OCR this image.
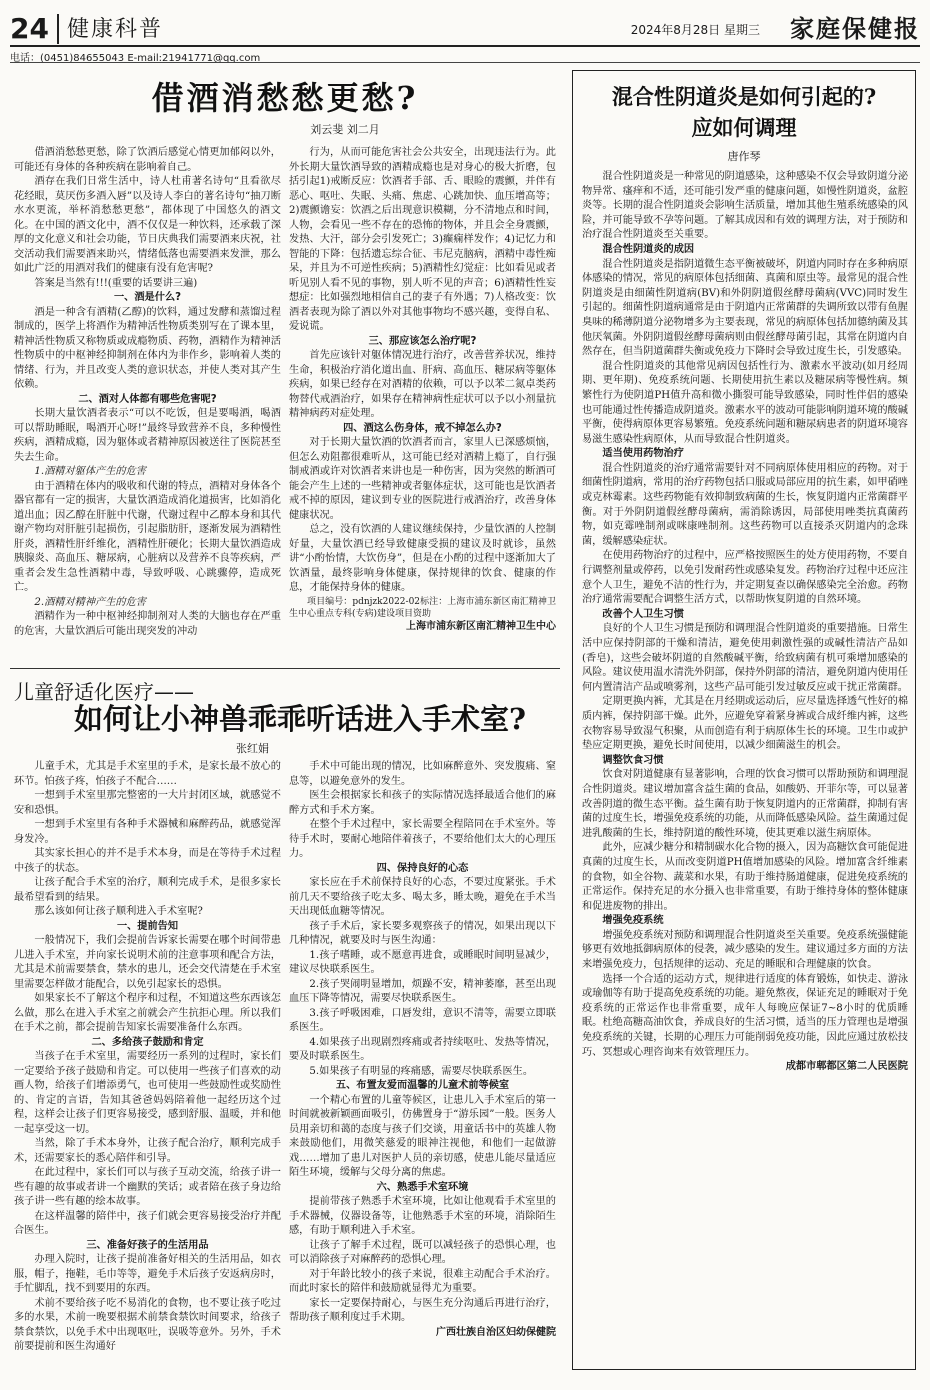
24 健康科普	2024年8月28日 星期三 家庭保健报
电话：(0451)84655043 E-mail:21941771@qq.com
借酒消愁愁更愁?
刘云斐 刘二月

借酒消愁愁更愁，除了饮酒后感觉心情更加郁闷以外，可能还有身体的各种疾病在影响着自己。

酒存在我们日常生活中，诗人杜甫著名诗句“且看欲尽花经眼，莫厌伤多酒入唇”以及诗人李白的著名诗句“抽刀断水水更流，举杯消愁愁更愁”，都体现了中国悠久的酒文化。在中国的酒文化中，酒不仅仅是一种饮料，还承载了深厚的文化意义和社会功能，节日庆典我们需要酒来庆祝，社交活动我们需要酒来助兴，情绪低落也需要酒来发泄，那么如此广泛的用酒对我们的健康有没有危害呢?

答案是当然有!!!(重要的话要讲三遍)

一、酒是什么?

酒是一种含有酒精(乙醇)的饮料，通过发酵和蒸馏过程制成的，医学上将酒作为精神活性物质类别写在了课本里，精神活性物质又称物质或成瘾物质、药物，酒精作为精神活性物质中的中枢神经抑制剂在体内为非作乡，影响着人类的情绪、行为，并且改变人类的意识状态，并使人类对其产生依赖。

二、酒对人体都有哪些危害呢?

长期大量饮酒者表示“可以不吃饭，但是要喝酒，喝酒可以帮助睡眠，喝酒开心呀!”最终导致营养不良，多种慢性疾病，酒精成瘾，因为躯体或者精神原因被送往了医院甚至失去生命。

1.酒精对躯体产生的危害

由于酒精在体内的吸收和代谢的特点，酒精对身体各个器官都有一定的损害，大量饮酒造成消化道损害，比如消化道出血；因乙醇在肝脏中代谢，代谢过程中乙醇本身和其代谢产物均对肝脏引起损伤，引起脂肪肝，逐渐发展为酒精性肝炎，酒精性肝纤维化，酒精性肝硬化；长期大量饮酒造成胰腺炎、高血压、糖尿病，心脏病以及营养不良等疾病，严重者会发生急性酒精中毒，导致呼吸、心跳骤停，造成死亡。

2.酒精对精神产生的危害

酒精作为一种中枢神经抑制剂对人类的大脑也存在严重的危害，大量饮酒后可能出现突发的冲动

行为，从而可能危害社会公共安全，出现违法行为。此外长期大量饮酒导致的酒精成瘾也是对身心的极大折磨，包括引起1)戒断反应：饮酒者手部、舌、眼睑的震颤，并伴有恶心、呕吐、失眠、头痛、焦虑、心跳加快、血压增高等；2)震颤谵妄：饮酒之后出现意识模糊，分不清地点和时间，人物，会看见一些不存在的恐怖的物体，并且会全身震颤，发热、大汗，部分会引发死亡；3)癫痫样发作；4)记忆力和智能的下降：包括遗忘综合征、韦尼克脑病，酒精中毒性痴呆，并且为不可逆性疾病；5)酒精性幻觉症：比如看见或者听见别人看不见的事物，别人听不见的声音；6)酒精性性妄想症：比如强烈地相信自己的妻子有外遇；7)人格改变：饮酒者表现为除了酒以外对其他事物均不感兴趣，变得自私、爱说谎。

三、那应该怎么治疗呢?

首先应该针对躯体情况进行治疗，改善营养状况，维持生命，积极治疗消化道出血、肝病、高血压、糖尿病等躯体疾病，如果已经存在对酒精的依赖，可以予以苯二氮卓类药物替代戒酒治疗，如果存在精神病性症状可以予以小剂量抗精神病药对症处理。

四、酒这么伤身体，戒不掉怎么办?

对于长期大量饮酒的饮酒者而言，家里人已深感烦恼，但怎么劝阻都很难听从，这可能已经对酒精上瘾了，自行强制戒酒或许对饮酒者来讲也是一种伤害，因为突然的断酒可能会产生上述的一些精神或者躯体症状，这可能也是饮酒者戒不掉的原因，建议到专业的医院进行戒酒治疗，改善身体健康状况。

总之，没有饮酒的人建议继续保持，少量饮酒的人控制好量，大量饮酒已经导致健康受损的建议及时就诊，虽然讲“小酌怡情，大饮伤身”，但是在小酌的过程中逐渐加大了饮酒量，最终影响身体健康，保持规律的饮食、健康的作息，才能保持身体的健康。

项目编号：pdnjzk2022-02标注：上海市浦东新区南汇精神卫生中心重点专科(专病)建设项目资助

上海市浦东新区南汇精神卫生中心

儿童舒适化医疗——
如何让小神兽乖乖听话进入手术室?
张红娟

儿童手术，尤其是手术室里的手术，是家长最不放心的环节。怕孩子疼，怕孩子不配合……

一想到手术室里那完整密的一大片封闭区域，就感觉不安和恐惧。

一想到手术室里有各种手术器械和麻醉药品，就感觉浑身发冷。

其实家长担心的并不是手术本身，而是在等待手术过程中孩子的状态。

让孩子配合手术室的治疗，顺利完成手术，是很多家长最希望看到的结果。

那么该如何让孩子顺利进入手术室呢?

一、提前告知

一般情况下，我们会提前告诉家长需要在哪个时间带患儿进入手术室，并向家长说明术前的注意事项和配合方法，尤其是术前需要禁食，禁水的患儿，还会交代清楚在手术室里需要怎样做才能配合，以免引起家长的恐惧。

如果家长不了解这个程序和过程，不知道这些东西该怎么做，那么在进入手术室之前就会产生抗拒心理。所以我们在手术之前，都会提前告知家长需要准备什么东西。

二、多给孩子鼓励和肯定

当孩子在手术室里，需要经历一系列的过程时，家长们一定要给予孩子鼓励和肯定。可以使用一些孩子们喜欢的动画人物，给孩子们增添勇气，也可使用一些鼓励性或奖励性的、肯定的言语，告知其爸爸妈妈陪着他一起经历这个过程，这样会让孩子们更容易接受，感到舒服、温暖，并和他一起享受这一切。

当然，除了手术本身外，让孩子配合治疗，顺利完成手术，还需要家长的悉心陪伴和引导。

在此过程中，家长们可以与孩子互动交流，给孩子讲一些有趣的故事或者讲一个幽默的笑话；或者陪在孩子身边给孩子讲一些有趣的绘本故事。

在这样温馨的陪伴中，孩子们就会更容易接受治疗并配合医生。

三、准备好孩子的生活用品

办理入院时，让孩子提前准备好相关的生活用品，如衣服，帽子，拖鞋，毛巾等等，避免手术后孩子安返病房时，手忙脚乱，找不到要用的东西。

术前不要给孩子吃不易消化的食物，也不要让孩子吃过多的水果，术前一晚要根据术前禁食禁饮时间要求，给孩子禁食禁饮，以免手术中出现呕吐，误吸等意外。另外，手术前要提前和医生沟通好

手术中可能出现的情况，比如麻醉意外、突发腹痛、窒息等，以避免意外的发生。

医生会根据家长和孩子的实际情况选择最适合他们的麻醉方式和手术方案。

在整个手术过程中，家长需要全程陪同在手术室外。等待手术时，要耐心地陪伴着孩子，不要给他们太大的心理压力。

四、保持良好的心态

家长应在手术前保持良好的心态，不要过度紧张。手术前几天不要给孩子吃太多、喝太多，睡太晚，避免在手术当天出现低血糖等情况。

孩子手术后，家长要多观察孩子的情况，如果出现以下几种情况，就要及时与医生沟通：

1.孩子嗜睡，或不愿意再进食，或睡眠时间明显减少，建议尽快联系医生。

2.孩子哭闹明显增加，烦躁不安，精神萎靡，甚至出现血压下降等情况，需要尽快联系医生。

3.孩子呼吸困难，口唇发绀，意识不清等，需要立即联系医生。

4.如果孩子出现剧烈疼痛或者持续呕吐、发热等情况，要及时联系医生。

5.如果孩子有明显的疼痛感，需要尽快联系医生。

五、布置友爱而温馨的儿童术前等候室

一个精心布置的儿童等候区，让患儿入手术室后的第一时间就被新颖画面吸引，仿佛置身于“游乐园”一般。医务人员用亲切和蔼的态度与孩子们交谈，用童话书中的英雄人物来鼓励他们，用微笑慈爱的眼神注视他，和他们一起做游戏……增加了患儿对医护人员的亲切感，使患儿能尽量适应陌生环境，缓解与父母分离的焦虑。

六、熟悉手术室环境

提前带孩子熟悉手术室环境，比如让他观看手术室里的手术器械，仪器设备等，让他熟悉手术室的环境，消除陌生感，有助于顺利进入手术室。

让孩子了解手术过程，既可以减轻孩子的恐惧心理，也可以消除孩子对麻醉药的恐惧心理。

对于年龄比较小的孩子来说，很难主动配合手术治疗。而此时家长的陪伴和鼓励就显得尤为重要。

家长一定要保持耐心，与医生充分沟通后再进行治疗，帮助孩子顺利度过手术期。

广西壮族自治区妇幼保健院

混合性阴道炎是如何引起的?
应如何调理
唐作琴

混合性阴道炎是一种常见的阴道感染，这种感染不仅会导致阴道分泌物异常、瘙痒和不适，还可能引发严重的健康问题，如慢性阴道炎，盆腔炎等。长期的混合性阴道炎会影响生活质量，增加其他生殖系统感染的风险，并可能导致不孕等问题。了解其成因和有效的调理方法，对于预防和治疗混合性阴道炎至关重要。

混合性阴道炎的成因

混合性阴道炎是指阴道微生态平衡被破坏，阴道内同时存在多种病原体感染的情况，常见的病原体包括细菌、真菌和原虫等。最常见的混合性阴道炎是由细菌性阴道病(BV)和外阴阴道假丝酵母菌病(VVC)同时发生引起的。细菌性阴道病通常是由于阴道内正常菌群的失调所致以带有鱼腥臭味的稀薄阴道分泌物增多为主要表现，常见的病原体包括加德纳菌及其他厌氧菌。外阴阴道假丝酵母菌病则由假丝酵母菌引起，其常在阴道内自然存在，但当阴道菌群失衡或免疫力下降时会导致过度生长，引发感染。

混合性阴道炎的其他常见病因包括性行为、激素水平波动(如月经周期、更年期)、免疫系统问题、长期使用抗生素以及糖尿病等慢性病。频繁性行为使阴道PH值升高和微小撕裂可能导致感染，同时性伴侣的感染也可能通过性传播造成阴道炎。激素水平的波动可能影响阴道环境的酸碱平衡，使得病原体更容易繁殖。免疫系统问题和糖尿病患者的阴道环境容易滋生感染性病原体，从而导致混合性阴道炎。

适当使用药物治疗

混合性阴道炎的治疗通常需要针对不同病原体使用相应的药物。对于细菌性阴道病，常用的治疗药物包括口服或局部应用的抗生素，如甲硝唑或克林霉素。这些药物能有效抑制致病菌的生长，恢复阴道内正常菌群平衡。对于外阴阴道假丝酵母菌病，需消除诱因，局部使用唑类抗真菌药物，如克霉唑制剂或咪康唑制剂。这些药物可以直接杀灭阴道内的念珠菌，缓解感染症状。

在使用药物治疗的过程中，应严格按照医生的处方使用药物，不要自行调整剂量或停药，以免引发耐药性或感染复发。药物治疗过程中还应注意个人卫生，避免不洁的性行为，并定期复查以确保感染完全治愈。药物治疗通常需要配合调整生活方式，以帮助恢复阴道的自然环境。

改善个人卫生习惯

良好的个人卫生习惯是预防和调理混合性阴道炎的重要措施。日常生活中应保持阴部的干燥和清洁，避免使用刺激性强的或碱性清洁产品如(香皂)，这些会破坏阴道的自然酸碱平衡，给致病菌有机可乘增加感染的风险。建议使用温水清洗外阴部，保持外阴部的清洁，避免阴道内使用任何内置清洁产品或喷雾剂，这些产品可能引发过敏反应或干扰正常菌群。

定期更换内裤，尤其是在月经期或运动后，应尽量选择透气性好的棉质内裤，保持阴部干燥。此外，应避免穿着紧身裤或合成纤维内裤，这些衣物容易导致湿气积聚，从而创造有利于病原体生长的环境。卫生巾或护垫应定期更换，避免长时间使用，以减少细菌滋生的机会。

调整饮食习惯

饮食对阴道健康有显著影响，合理的饮食习惯可以帮助预防和调理混合性阴道炎。建议增加富含益生菌的食品，如酸奶、开菲尔等，可以显著改善阴道的微生态平衡。益生菌有助于恢复阴道内的正常菌群，抑制有害菌的过度生长，增强免疫系统的功能，从而降低感染风险。益生菌通过促进乳酸菌的生长，维持阴道的酸性环境，使其更难以滋生病原体。

此外，应减少糖分和精制碳水化合物的摄入，因为高糖饮食可能促进真菌的过度生长，从而改变阴道PH值增加感染的风险。增加富含纤维素的食物，如全谷物、蔬菜和水果，有助于维持肠道健康，促进免疫系统的正常运作。保持充足的水分摄入也非常重要，有助于维持身体的整体健康和促进废物的排出。

增强免疫系统

增强免疫系统对预防和调理混合性阴道炎至关重要。免疫系统强健能够更有效地抵御病原体的侵袭，减少感染的发生。建议通过多方面的方法来增强免疫力，包括规律的运动、充足的睡眠和合理健康的饮食。

选择一个合适的运动方式，规律进行适度的体育锻炼，如快走、游泳或瑜伽等有助于提高免疫系统的功能。避免熬夜，保证充足的睡眠对于免疫系统的正常运作也非常重要，成年人每晚应保证7~8小时的优质睡眠。杜绝高糖高油饮食，养成良好的生活习惯，适当的压力管理也是增强免疫系统的关键，长期的心理压力可能削弱免疫功能，因此应通过放松技巧、冥想或心理咨询来有效管理压力。

成都市郫都区第二人民医院
